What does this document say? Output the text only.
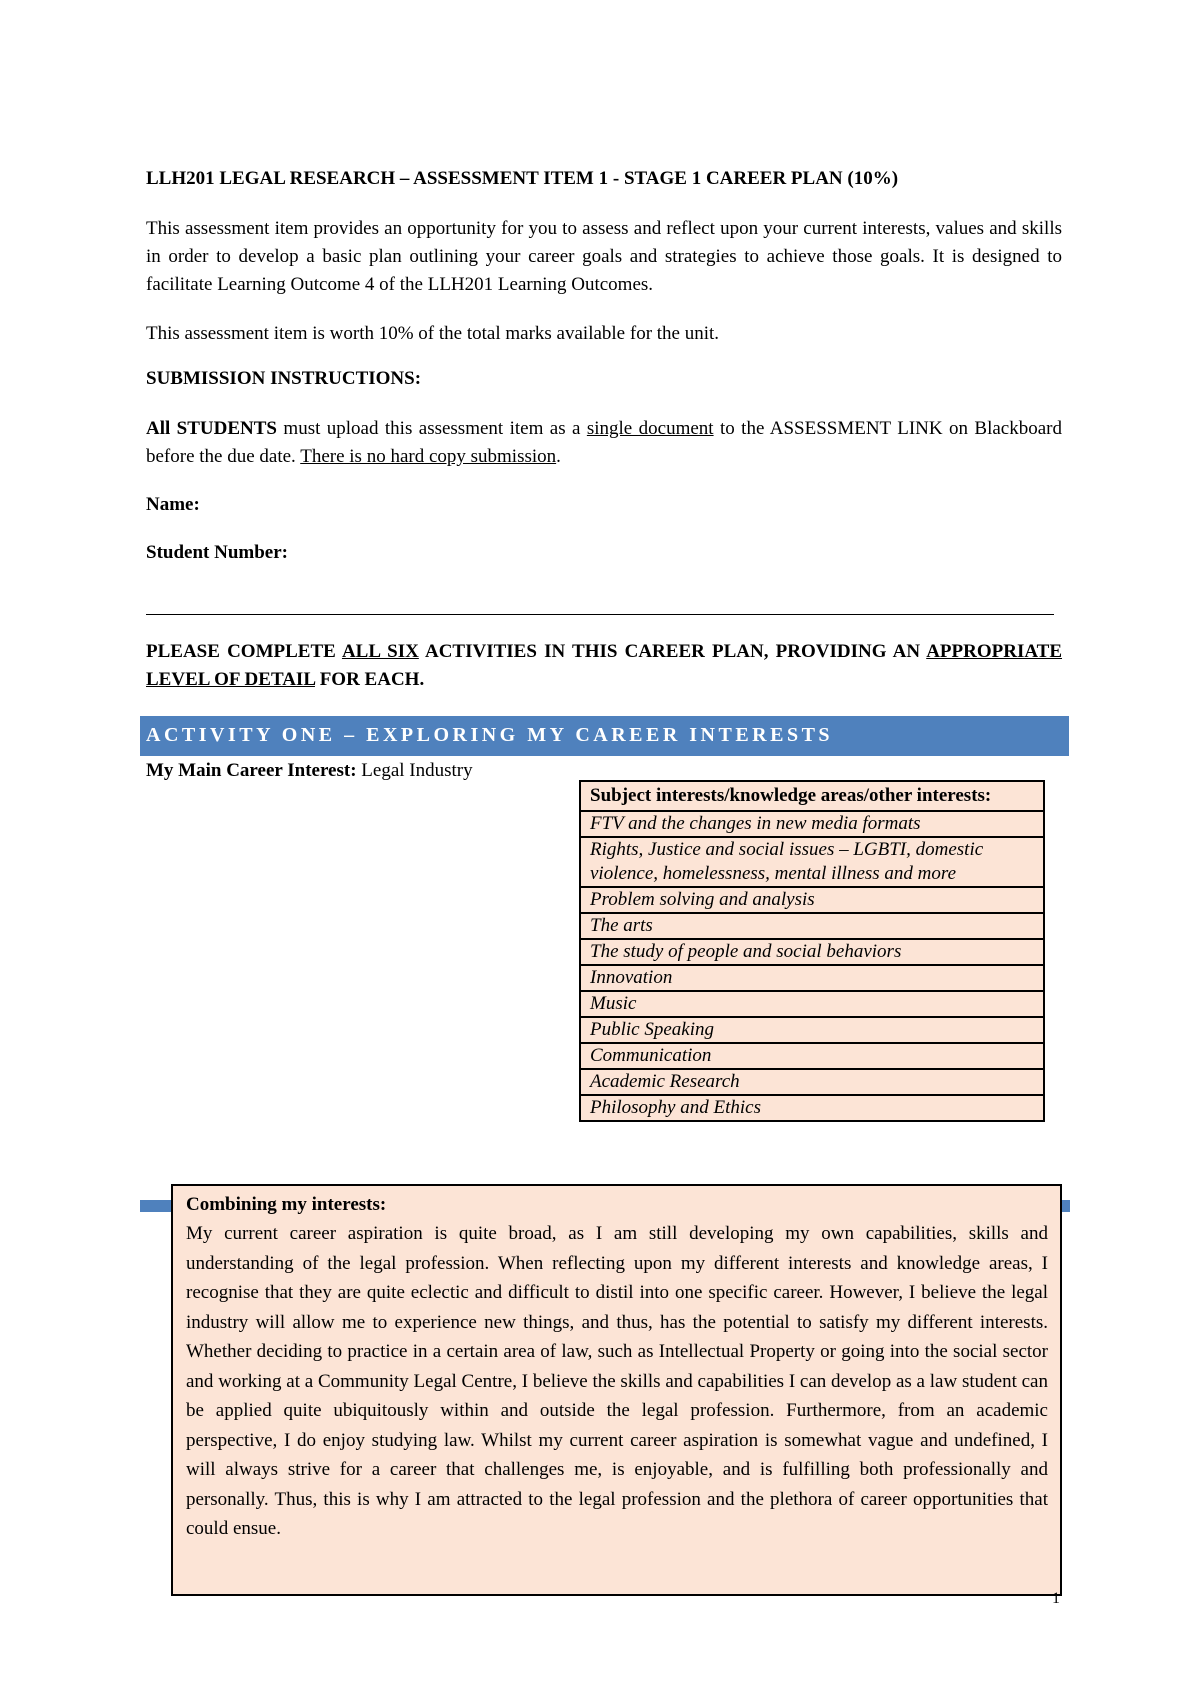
LLH201 LEGAL RESEARCH – ASSESSMENT ITEM 1 - STAGE 1 CAREER PLAN (10%)
This assessment item provides an opportunity for you to assess and reflect upon your current interests, values and skills in order to develop a basic plan outlining your career goals and strategies to achieve those goals. It is designed to facilitate Learning Outcome 4 of the LLH201 Learning Outcomes.
This assessment item is worth 10% of the total marks available for the unit.
SUBMISSION INSTRUCTIONS:
All STUDENTS must upload this assessment item as a single document to the ASSESSMENT LINK on Blackboard before the due date. There is no hard copy submission.
Name:
Student Number:
PLEASE COMPLETE ALL SIX ACTIVITIES IN THIS CAREER PLAN, PROVIDING AN APPROPRIATE LEVEL OF DETAIL FOR EACH.
ACTIVITY ONE – EXPLORING MY CAREER INTERESTS
My Main Career Interest: Legal Industry
Subject interests/knowledge areas/other interests:
FTV and the changes in new media formats
Rights, Justice and social issues – LGBTI, domestic violence, homelessness, mental illness and more
Problem solving and analysis
The arts
The study of people and social behaviors
Innovation
Music
Public Speaking
Communication
Academic Research
Philosophy and Ethics
Combining my interests:
My current career aspiration is quite broad, as I am still developing my own capabilities, skills and understanding of the legal profession. When reflecting upon my different interests and knowledge areas, I recognise that they are quite eclectic and difficult to distil into one specific career. However, I believe the legal industry will allow me to experience new things, and thus, has the potential to satisfy my different interests. Whether deciding to practice in a certain area of law, such as Intellectual Property or going into the social sector and working at a Community Legal Centre, I believe the skills and capabilities I can develop as a law student can be applied quite ubiquitously within and outside the legal profession. Furthermore, from an academic perspective, I do enjoy studying law. Whilst my current career aspiration is somewhat vague and undefined, I will always strive for a career that challenges me, is enjoyable, and is fulfilling both professionally and personally. Thus, this is why I am attracted to the legal profession and the plethora of career opportunities that could ensue.
1
